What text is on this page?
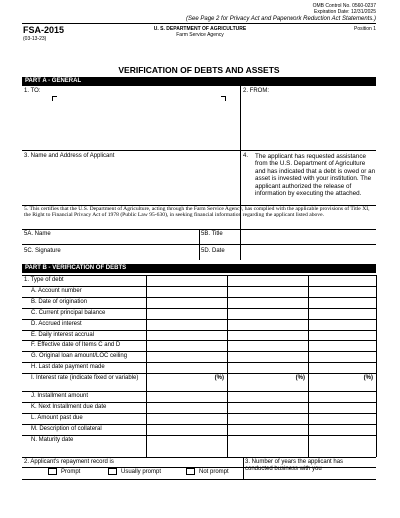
OMB Control No. 0560-0237
Expiration Date: 12/31/2025
(See Page 2 for Privacy Act and Paperwork Reduction Act Statements.)
FSA-2015
(03-13-23)
U. S. DEPARTMENT OF AGRICULTURE
Farm Service Agency
Position 1
VERIFICATION OF DEBTS AND ASSETS
PART A - GENERAL
1. TO:	2. FROM:
3. Name and Address of Applicant	4. The applicant has requested assistance from the U.S. Department of Agriculture and has indicated that a debt is owed or an asset is invested with your institution. The applicant authorized the release of information by executing the attached.
5. This certifies that the U.S. Department of Agriculture, acting through the Farm Service Agency, has complied with the applicable provisions of Title XI, the Right to Financial Privacy Act of 1978 (Public Law 95-630), in seeking financial information regarding the applicant listed above.
5A. Name	5B. Title
5C. Signature	5D. Date
PART B - VERIFICATION OF DEBTS
1. Type of debt
A. Account number
B. Date of origination
C. Current principal balance
D. Accrued interest
E. Daily interest accrual
F. Effective date of Items C and D
G. Original loan amount/LOC ceiling
H. Last date payment made
I. Interest rate (indicate fixed or variable)	(%)	(%)	(%)
J. Installment amount
K. Next Installment due date
L. Amount past due
M. Description of collateral
N. Maturity date
2. Applicant's repayment record is
Prompt	Usually prompt	Not prompt
3. Number of years the applicant has conducted business with you
